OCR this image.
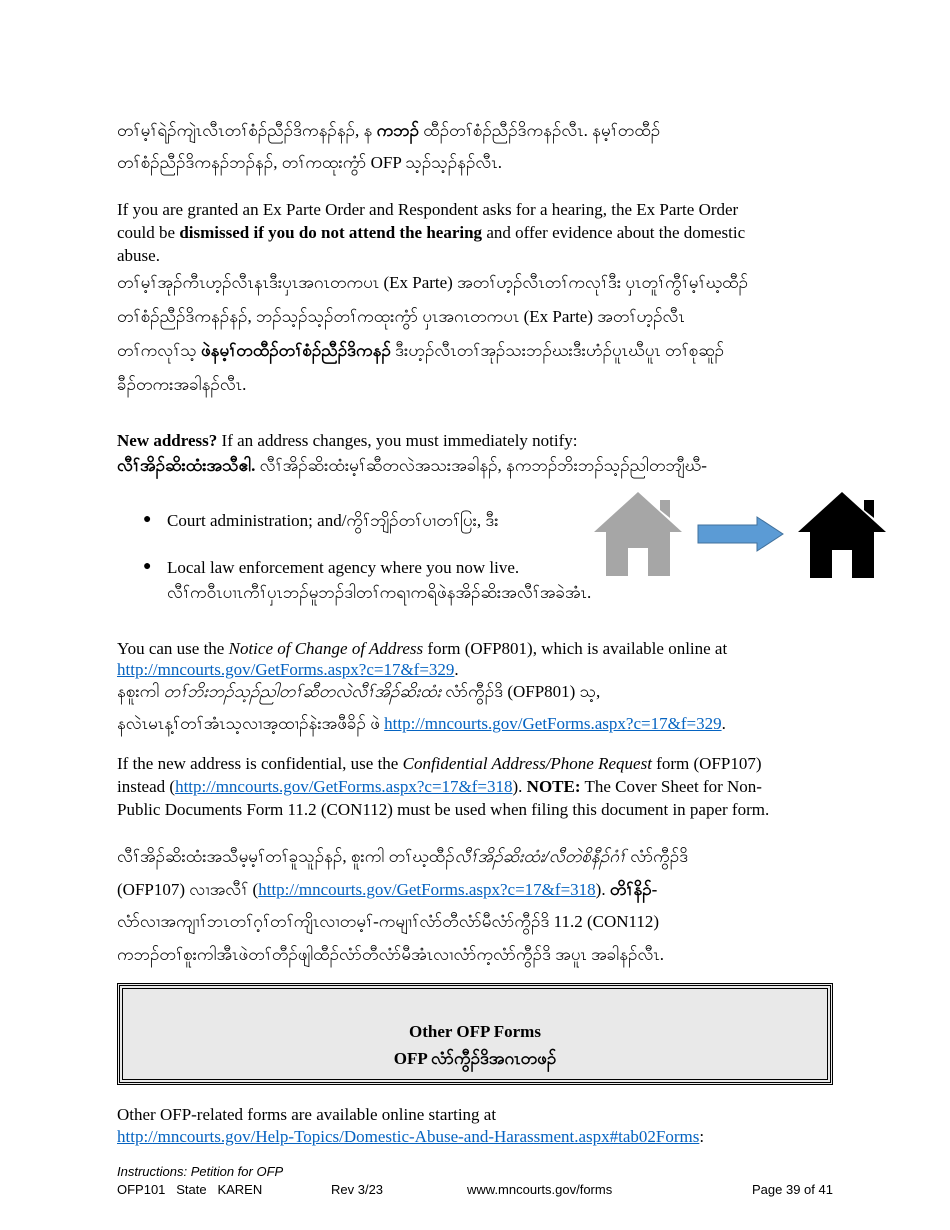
တၢ်မ့ၢ်ရဲၣ်ကျဲၤလီၤတၢ်စံၣ်ညီၣ်ဒိကနၣ်နၣ်, န ကဘၣ် ထီၣ်တၢ်စံၣ်ညီၣ်ဒိကနၣ်လီၤ. နမ့ၢ်တထီၣ်
တၢ်စံၣ်ညီၣ်ဒိကနၣ်ဘၣ်နၣ်, တၢ်ကထုးကွံာ် OFP သ့ၣ်သ့ၣ်နၣ်လီၤ.
If you are granted an Ex Parte Order and Respondent asks for a hearing, the Ex Parte Order
could be dismissed if you do not attend the hearing and offer evidence about the domestic
abuse.
တၢ်မ့ၢ်အုၣ်ကီၤဟ့ၣ်လီၤနၤဒီးပှၤအဂၤတကပၤ (Ex Parte) အတၢ်ဟ့ၣ်လီၤတၢ်ကလုၢ်ဒီး ပှၤတူၢ်ကွီၢ်မ့ၢ်ဃ့ထီၣ်
တၢ်စံၣ်ညီၣ်ဒိကနၣ်နၣ်, ဘၣ်သ့ၣ်သ့ၣ်တၢ်ကထုးကွံာ် ပှၤအဂၤတကပၤ (Ex Parte) အတၢ်ဟ့ၣ်လီၤ
တၢ်ကလုၢ်သ့ ဖဲနမ့ၢ်တထီၣ်တၢ်စံၣ်ညီၣ်ဒိကနၣ် ဒီးဟ့ၣ်လီၤတၢ်အုၣ်သးဘၣ်ဃးဒီးဟံၣ်ပူၤဃီပူၤ တၢ်စုဆူၣ်
ခီၣ်တကးအခါနၣ်လီၤ.
New address? If an address changes, you must immediately notify:
လီၢ်အိၣ်ဆိးထံးအသီဧါ. လီၢ်အိၣ်ဆိးထံးမ့ၢ်ဆီတလဲအသးအခါနၣ်, နကဘၣ်ဘိးဘၣ်သ့ၣ်ညါတဘျီဃီ-
● Court administration; and/ကွိၢ်ဘျိၣ်တၢ်ပၢတၢ်ပြး, ဒီး
● Local law enforcement agency where you now live.
လီၢ်ကဝီၤပၢၤကီၢ်ပှၤဘၣ်မူဘၣ်ဒါတၢ်ကရၢကရိဖဲနအိၣ်ဆိးအလီၢ်အခဲအံၤ.
You can use the Notice of Change of Address form (OFP801), which is available online at
http://mncourts.gov/GetForms.aspx?c=17&f=329.
နစူးကါ တၢ်ဘိးဘၣ်သ့ၣ်ညါတၢ်ဆီတလဲလီၢ်အိၣ်ဆိးထံး လံာ်ကွီၣ်ဒိ (OFP801) သ့,
နလဲၤမၤန့ၢ်တၢ်အံၤသ့လၢအ့ထၢၣ်နဲးအဖီခိၣ် ဖဲ http://mncourts.gov/GetForms.aspx?c=17&f=329.
If the new address is confidential, use the Confidential Address/Phone Request form (OFP107)
instead (http://mncourts.gov/GetForms.aspx?c=17&f=318). NOTE: The Cover Sheet for Non-
Public Documents Form 11.2 (CON112) must be used when filing this document in paper form.
လီၢ်အိၣ်ဆိးထံးအသီမ့မ့ၢ်တၢ်ခူသူၣ်နၣ်, စူးကါ တၢ်ဃ့ထီၣ်လီၢ်အိၣ်ဆိးထံး/လီတဲစိနီၣ်ဂံၢ် လံာ်ကွီၣ်ဒိ
(OFP107) လၢအလီၢ် (http://mncourts.gov/GetForms.aspx?c=17&f=318). တိၢ်နိၣ်-
လံာ်လၢအကျၢၢ်ဘၤတၢ်ဂ့ၢ်တၢ်ကျိၤလၢတမ့ၢ်-ကမျၢၢ်လံာ်တီလံာ်မီလံာ်ကွီၣ်ဒိ 11.2 (CON112)
ကဘၣ်တၢ်စူးကါအီၤဖဲတၢ်တီၣ်ဖျါထီၣ်လံာ်တီလံာ်မီအံၤလၢလံာ်က့လံာ်ကွီၣ်ဒိ အပူၤ အခါနၣ်လီၤ.
Other OFP Forms
OFP လံာ်ကွီၣ်ဒိအဂၤတဖၣ်
Other OFP-related forms are available online starting at
http://mncourts.gov/Help-Topics/Domestic-Abuse-and-Harassment.aspx#tab02Forms:
Instructions: Petition for OFP
OFP101   State   KAREN	Rev 3/23	www.mncourts.gov/forms	Page 39 of 41
